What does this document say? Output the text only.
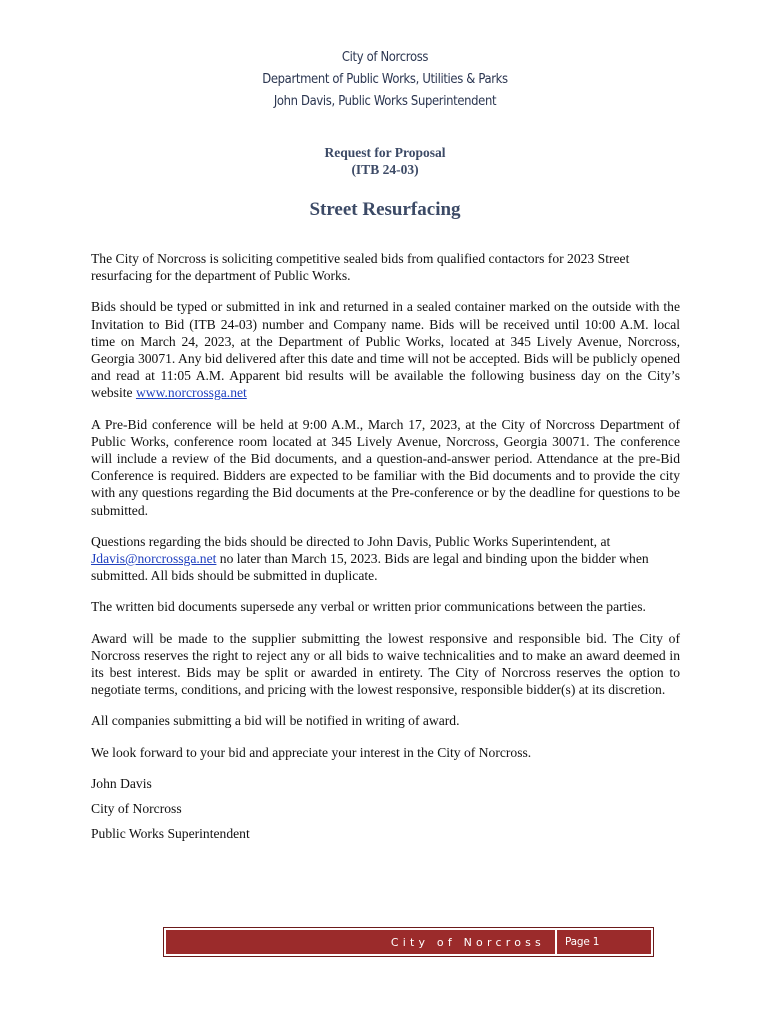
City of Norcross
Department of Public Works, Utilities & Parks
John Davis, Public Works Superintendent
Request for Proposal
(ITB 24-03)
Street Resurfacing

The City of Norcross is soliciting competitive sealed bids from qualified contactors for 2023 Street resurfacing for the department of Public Works.

Bids should be typed or submitted in ink and returned in a sealed container marked on the outside with the Invitation to Bid (ITB 24-03) number and Company name. Bids will be received until 10:00 A.M. local time on March 24, 2023, at the Department of Public Works, located at 345 Lively Avenue, Norcross, Georgia 30071. Any bid delivered after this date and time will not be accepted. Bids will be publicly opened and read at 11:05 A.M. Apparent bid results will be available the following business day on the City’s website www.norcrossga.net

A Pre-Bid conference will be held at 9:00 A.M., March 17, 2023, at the City of Norcross Department of Public Works, conference room located at 345 Lively Avenue, Norcross, Georgia 30071. The conference will include a review of the Bid documents, and a question-and-answer period. Attendance at the pre-Bid Conference is required. Bidders are expected to be familiar with the Bid documents and to provide the city with any questions regarding the Bid documents at the Pre-conference or by the deadline for questions to be submitted.

Questions regarding the bids should be directed to John Davis, Public Works Superintendent, at Jdavis@norcrossga.net no later than March 15, 2023. Bids are legal and binding upon the bidder when submitted. All bids should be submitted in duplicate.

The written bid documents supersede any verbal or written prior communications between the parties.

Award will be made to the supplier submitting the lowest responsive and responsible bid. The City of Norcross reserves the right to reject any or all bids to waive technicalities and to make an award deemed in its best interest. Bids may be split or awarded in entirety. The City of Norcross reserves the option to negotiate terms, conditions, and pricing with the lowest responsive, responsible bidder(s) at its discretion.

All companies submitting a bid will be notified in writing of award.

We look forward to your bid and appreciate your interest in the City of Norcross.

John Davis

City of Norcross

Public Works Superintendent

City of Norcross	Page 1
